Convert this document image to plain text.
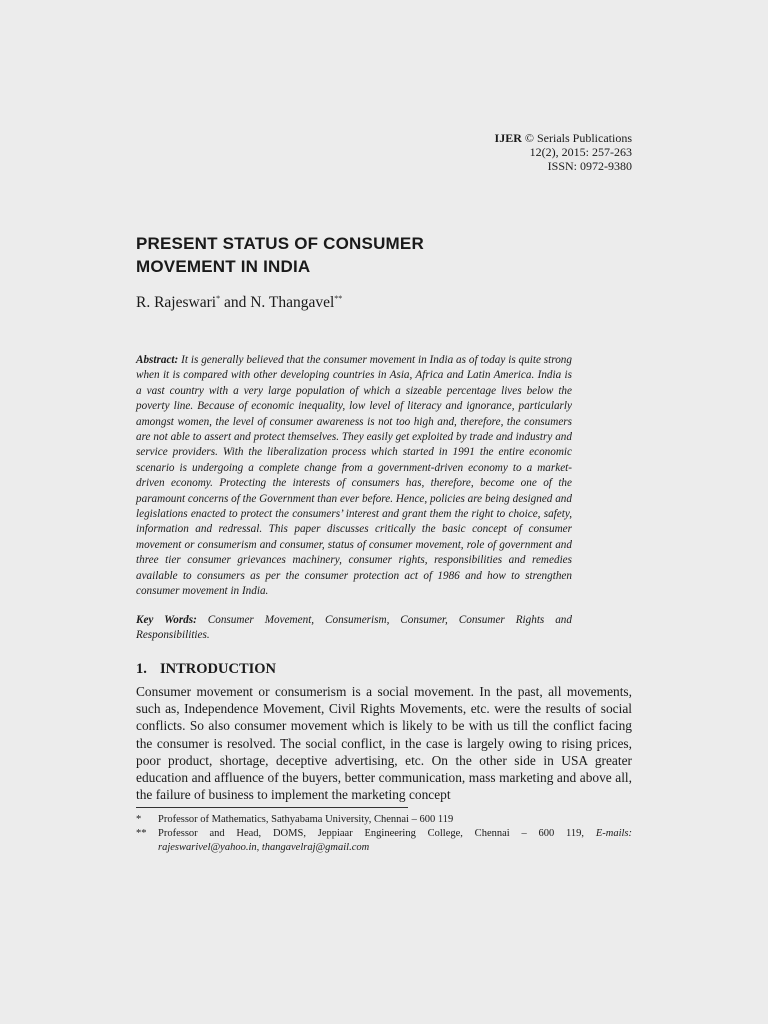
IJER © Serials Publications
12(2), 2015: 257-263
ISSN: 0972-9380
PRESENT STATUS OF CONSUMER
MOVEMENT IN INDIA
R. Rajeswari* and N. Thangavel**

Abstract: It is generally believed that the consumer movement in India as of today is quite strong when it is compared with other developing countries in Asia, Africa and Latin America. India is a vast country with a very large population of which a sizeable percentage lives below the poverty line. Because of economic inequality, low level of literacy and ignorance, particularly amongst women, the level of consumer awareness is not too high and, therefore, the consumers are not able to assert and protect themselves. They easily get exploited by trade and industry and service providers. With the liberalization process which started in 1991 the entire economic scenario is undergoing a complete change from a government-driven economy to a market-driven economy. Protecting the interests of consumers has, therefore, become one of the paramount concerns of the Government than ever before. Hence, policies are being designed and legislations enacted to protect the consumers’ interest and grant them the right to choice, safety, information and redressal. This paper discusses critically the basic concept of consumer movement or consumerism and consumer, status of consumer movement, role of government and three tier consumer grievances machinery, consumer rights, responsibilities and remedies available to consumers as per the consumer protection act of 1986 and how to strengthen consumer movement in India.

Key Words: Consumer Movement, Consumerism, Consumer, Consumer Rights and Responsibilities.

1. INTRODUCTION

Consumer movement or consumerism is a social movement. In the past, all movements, such as, Independence Movement, Civil Rights Movements, etc. were the results of social conflicts. So also consumer movement which is likely to be with us till the conflict facing the consumer is resolved. The social conflict, in the case is largely owing to rising prices, poor product, shortage, deceptive advertising, etc. On the other side in USA greater education and affluence of the buyers, better communication, mass marketing and above all, the failure of business to implement the marketing concept

* Professor of Mathematics, Sathyabama University, Chennai – 600 119
** Professor and Head, DOMS, Jeppiaar Engineering College, Chennai – 600 119, E-mails: rajeswarivel@yahoo.in, thangavelraj@gmail.com
